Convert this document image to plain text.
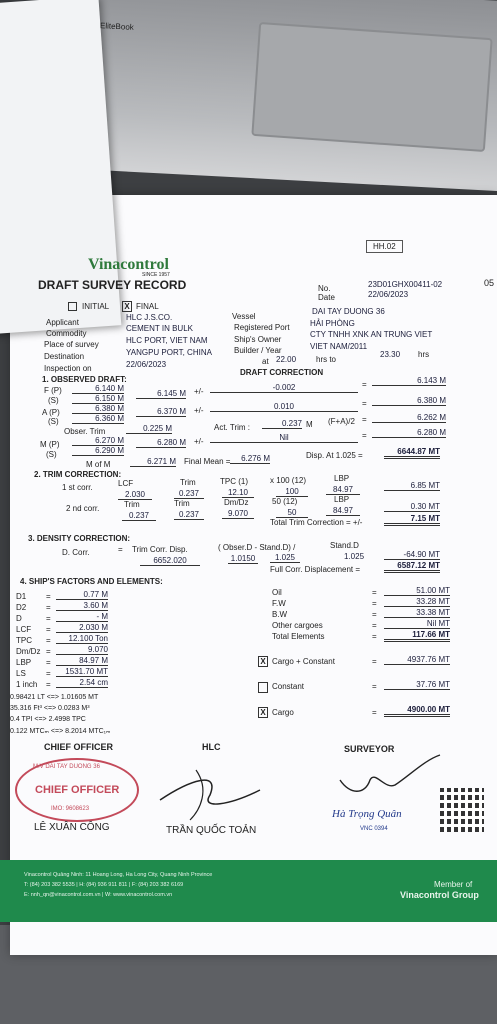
EliteBook
HH.02
05
Vinacontrol
SINCE 1957
DRAFT SURVEY RECORD	No.	23D01GHX00411-02
Date	22/06/2023
INITIAL X FINAL
Applicant
HLC J.S.CO.
Commodity
CEMENT IN BULK
Place of survey	HLC PORT, VIET NAM
Destination	YANGPU PORT, CHINA
Inspection on	22/06/2023
Vessel
DAI TAY DUONG 36
Registered Port	HẢI PHÒNG
Ship's Owner
CTY TNHH XNK AN TRUNG VIET
Builder / Year	VIET NAM/2011
at 22.00 hrs to
23.30 hrs
1. OBSERVED DRAFT:
DRAFT CORRECTION
F (P)	6.140 M
(S)	6.150 M
6.145 M +/-	-0.002	=	6.143 M
A (P)	6.380 M
(S)	6.360 M
6.370 M +/-	0.010	=	6.380 M
Obser. Trim	0.225 M	Act. Trim :	0.237 M (F+A)/2 =	6.262 M
M (P)	6.270 M
(S)	6.290 M
6.280 M +/-	Nil	=	6.280 M
M of M	6.271 M Final Mean =	6.276 M	Disp. At 1.025 =	6644.87 MT
2. TRIM CORRECTION:
1 st corr.	LCF	Trim	TPC (1)	x 100 (12)	LBP
2.030	0.237	12.10	100	84.97	6.85 MT
2 nd corr.	Trim	Trim	Dm/Dz	50 (12)	LBP
0.237	0.237	9.070	50	84.97	0.30 MT
Total Trim Correction = +/-	7.15 MT
3. DENSITY CORRECTION:
D. Corr.	= Trim Corr. Disp.	( Obser.D - Stand.D) /	Stand.D
6652.020	1.0150	1.025	1.025	-64.90 MT
Full Corr. Displacement =	6587.12 MT
4. SHIP'S FACTORS AND ELEMENTS:
D1 =	0.77 M
D2 =	3.60 M
D	=	- M
LCF =	2.030 M
TPC =	12.100 Ton
Dm/Dz =	9.070
LBP =	84.97 M
LS	=	1531.70 MT
1 inch =	2.54 cm
0.98421 LT <=> 1.01605 MT
35.316 Ft³ <=> 0.0283 M³
0.4 TPI <=> 2.4998 TPC
0.122 MTCₘ <=> 8.2014 MTC₁ₘ
Oil	=	51.00 MT
F.W	=	33.28 MT
B.W	=	33.38 MT
Other cargoes	=	Nil MT
Total Elements	=	117.66 MT
X Cargo + Constant	=	4937.76 MT
Constant	=	37.76 MT
X Cargo	=	4900.00 MT
CHIEF OFFICER	HLC	SURVEYOR
M.V DAI TAY DUONG 36
CHIEF OFFICER
IMO: 9608623
LÊ XUÂN CÔNG	TRẦN QUỐC TOẢN
Hà Trọng Quân
VNC 0394
Vinacontrol Quảng Ninh: 11 Hoang Long, Ha Long City, Quang Ninh Province
T: (84) 203 382 5535 | H: (84) 936 911 811 | F: (84) 203 382 6169
E: nnh_qn@vinacontrol.com.vn | W: www.vinacontrol.com.vn
Member of
Vinacontrol Group
